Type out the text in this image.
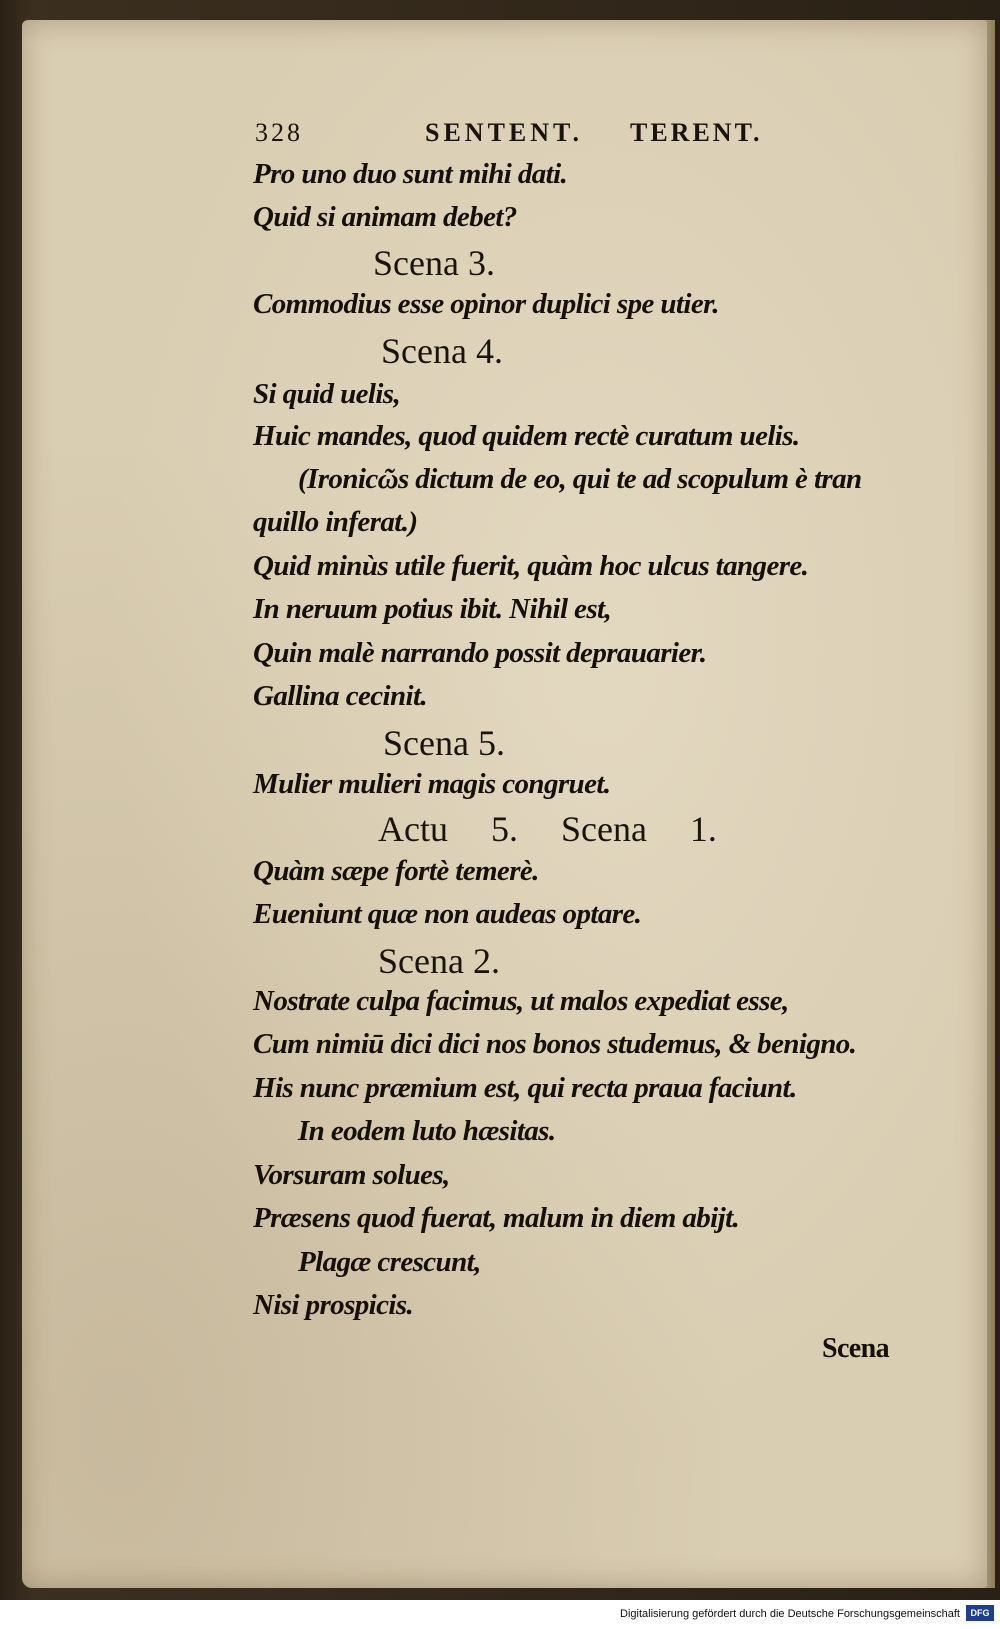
328	SENTENT. TERENT.
Pro uno duo sunt mihi dati.
Quid si animam debet?
Scena 3.
Commodius esse opinor duplici spe utier.
Scena 4.
Si quid uelis,
Huic mandes, quod quidem rectè curatum uelis.
(Ironicῶs dictum de eo, qui te ad scopulum è tran
quillo inferat.)
Quid minùs utile fuerit, quàm hoc ulcus tangere.
In neruum potius ibit. Nihil est,
Quin malè narrando possit deprauarier.
Gallina cecinit.
Scena 5.
Mulier mulieri magis congruet.
Actu 5. Scena 1.
Quàm sæpe fortè temerè.
Eueniunt quæ non audeas optare.
Scena 2.
Nostrate culpa facimus, ut malos expediat esse,
Cum nimiū dici dici nos bonos studemus, & benigno.
His nunc præmium est, qui recta praua faciunt.
In eodem luto hæsitas.
Vorsuram solues,
Præsens quod fuerat, malum in diem abijt.
Plagæ crescunt,
Nisi prospicis.
Scena
Digitalisierung gefördert durch die Deutsche Forschungsgemeinschaft	DFG
